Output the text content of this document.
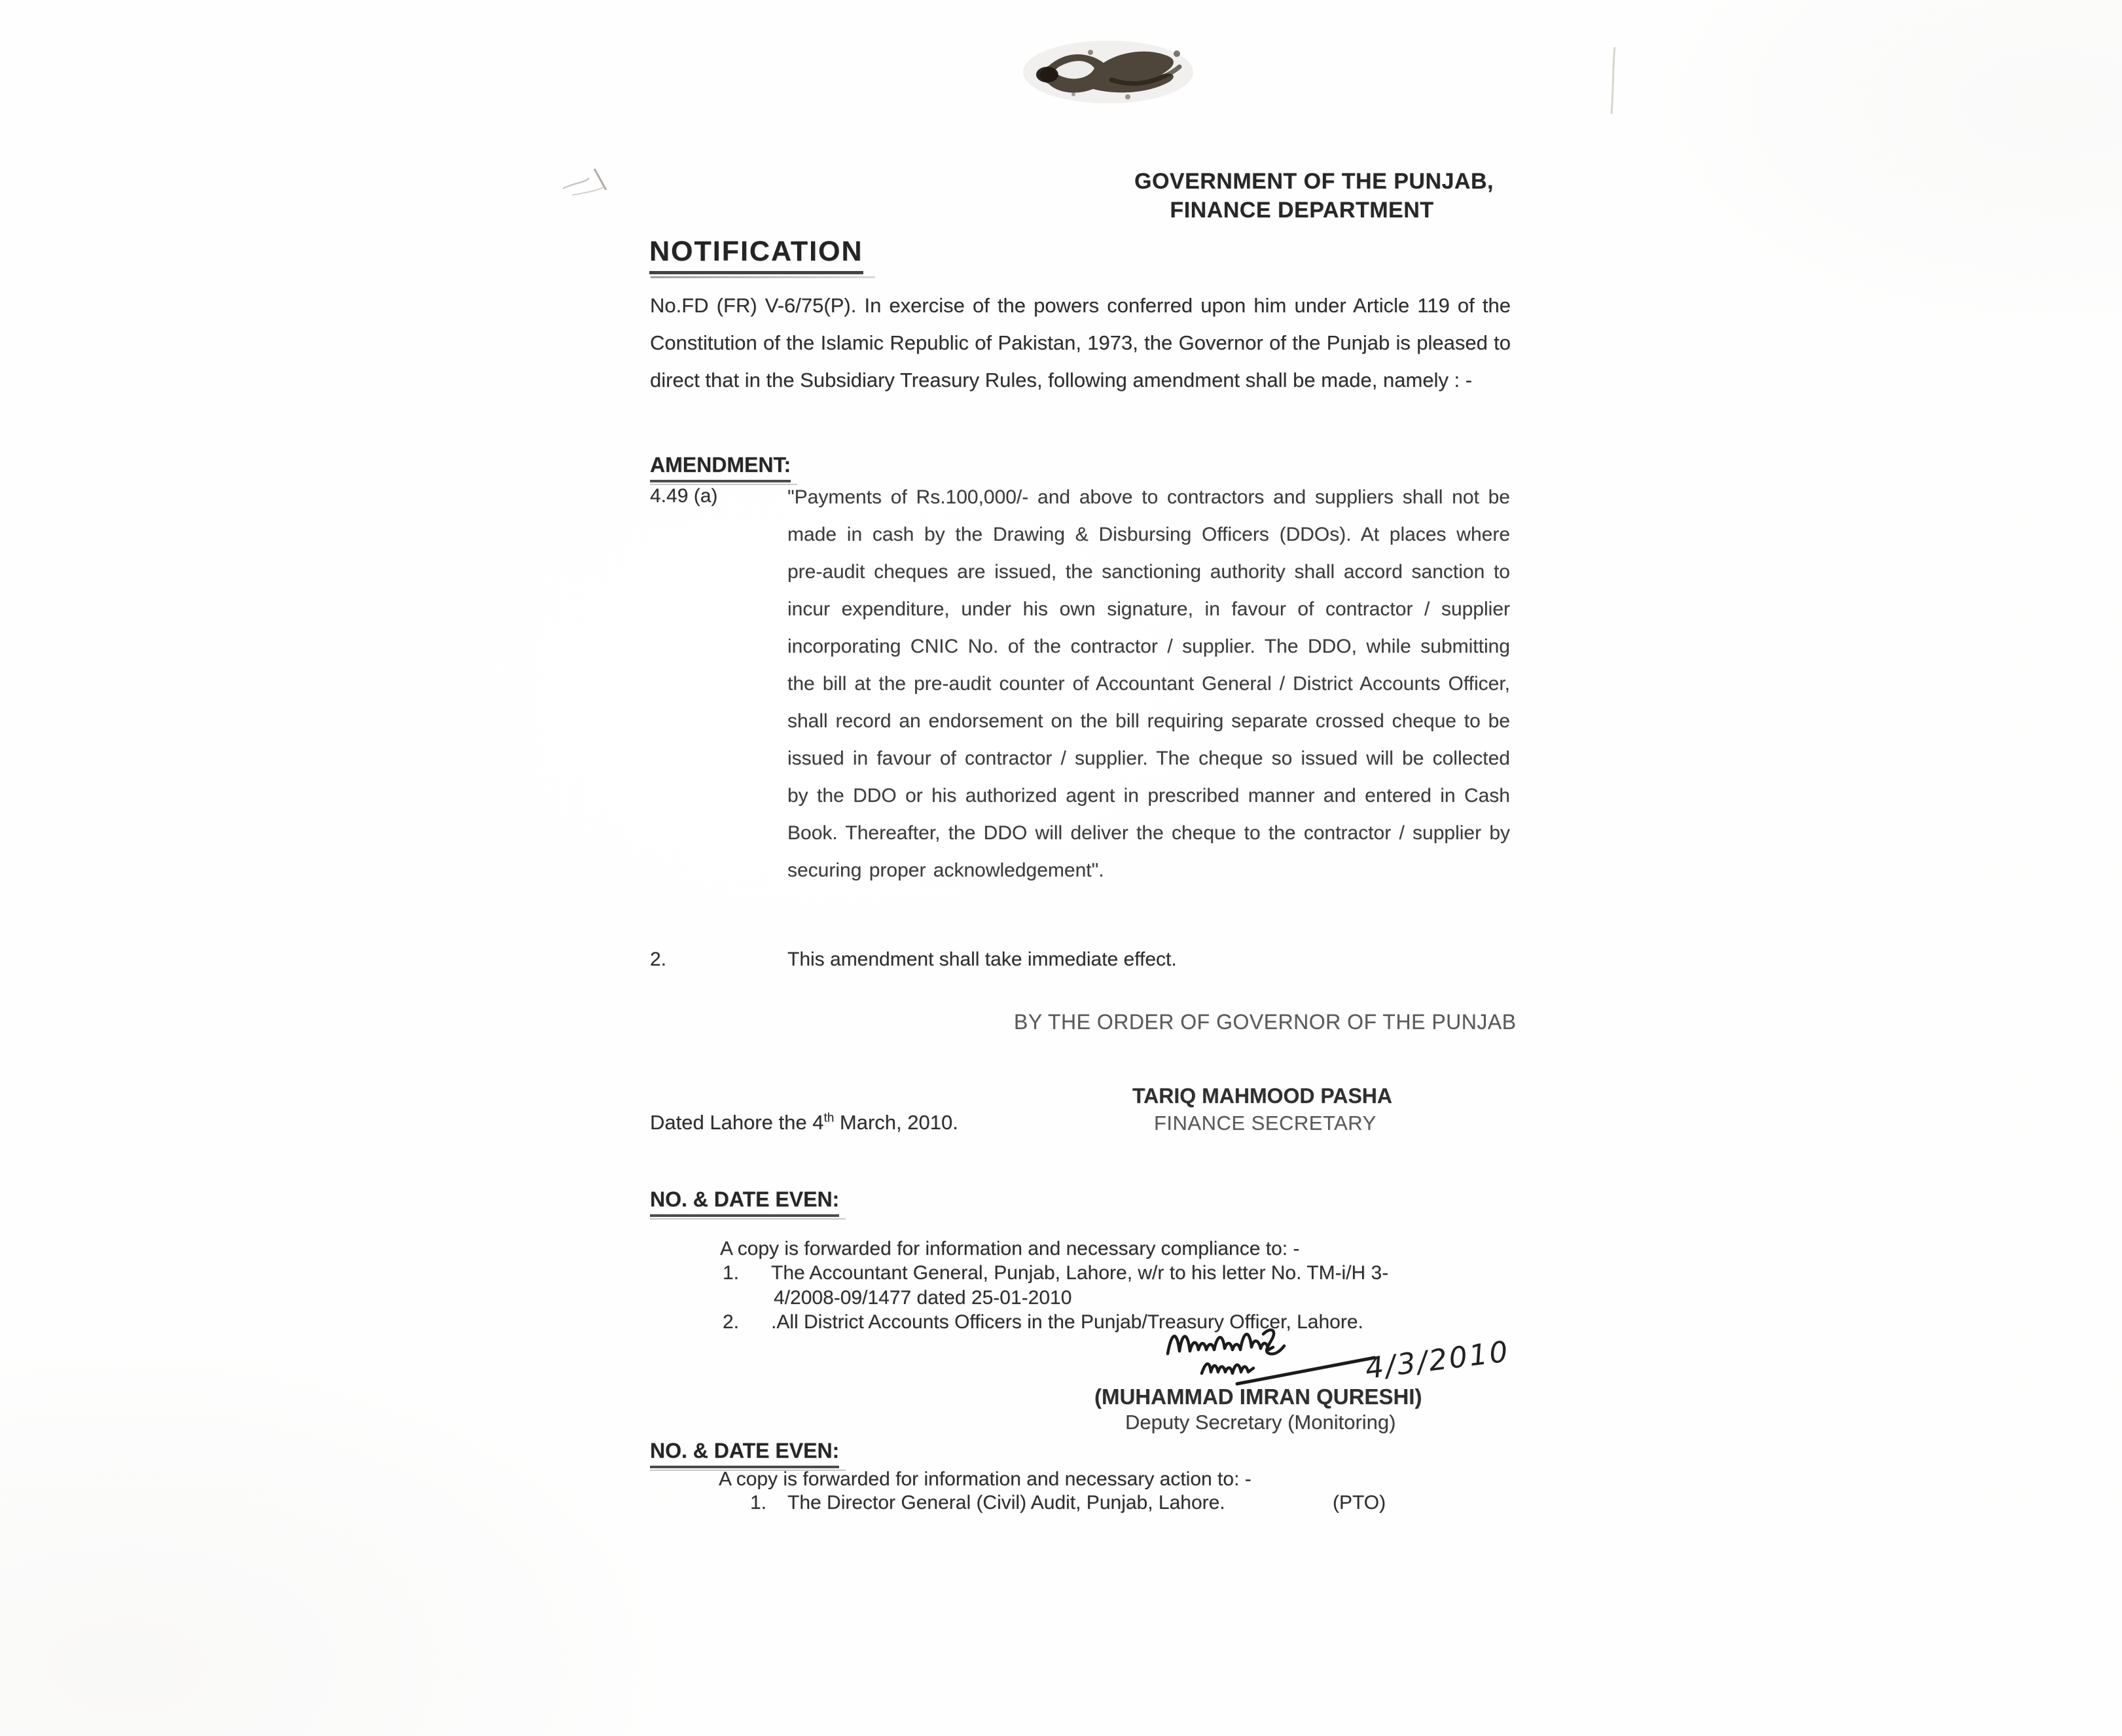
GOVERNMENT OF THE PUNJAB,
FINANCE DEPARTMENT
NOTIFICATION
No.FD (FR) V-6/75(P). In exercise of the powers conferred upon him under Article 119 of the Constitution of the Islamic Republic of Pakistan, 1973, the Governor of the Punjab is pleased to direct that in the Subsidiary Treasury Rules, following amendment shall be made, namely : -
AMENDMENT:
4.49 (a)	"Payments of Rs.100,000/- and above to contractors and suppliers shall not be made in cash by the Drawing & Disbursing Officers (DDOs). At places where pre-audit cheques are issued, the sanctioning authority shall accord sanction to incur expenditure, under his own signature, in favour of contractor / supplier incorporating CNIC No. of the contractor / supplier. The DDO, while submitting the bill at the pre-audit counter of Accountant General / District Accounts Officer, shall record an endorsement on the bill requiring separate crossed cheque to be issued in favour of contractor / supplier. The cheque so issued will be collected by the DDO or his authorized agent in prescribed manner and entered in Cash Book. Thereafter, the DDO will deliver the cheque to the contractor / supplier by securing proper acknowledgement".
2.	This amendment shall take immediate effect.
BY THE ORDER OF GOVERNOR OF THE PUNJAB
TARIQ MAHMOOD PASHA
FINANCE SECRETARY
Dated Lahore the 4th March, 2010.
NO. & DATE EVEN:
A copy is forwarded for information and necessary compliance to: -
1. The Accountant General, Punjab, Lahore, w/r to his letter No. TM-i/H 3-
4/2008-09/1477 dated 25-01-2010
2. .All District Accounts Officers in the Punjab/Treasury Officer, Lahore.
4/3/2010
(MUHAMMAD IMRAN QURESHI)
Deputy Secretary (Monitoring)
NO. & DATE EVEN:
A copy is forwarded for information and necessary action to: -
1. The Director General (Civil) Audit, Punjab, Lahore.	(PTO)
